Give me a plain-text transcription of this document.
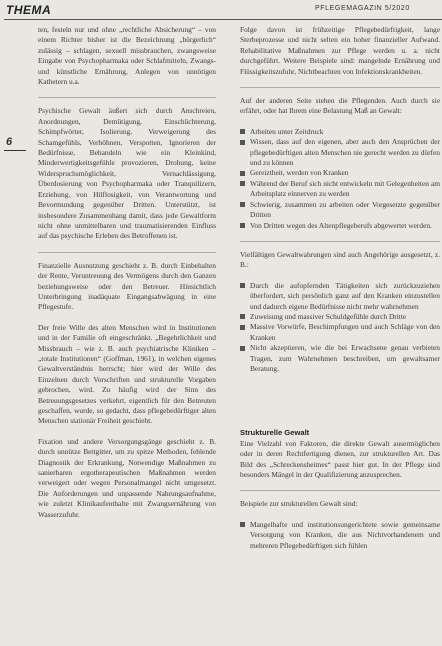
THEMA	PFLEGEMAGAZIN 5/2020
6

ten, festeln nur und ohne „rechtliche Absicherung“ – von einem Richter bisher ist die Bezeichnung „bürgerlich“ zulässig – schlagen, sexuell missbrauchen, zwangsweise Eingabe von Psychopharmaka oder Schlafmitteln, Zwangs- und künstliche Ernährung, Anlegen von unnötigen Kathetern u.a.

Psychische Gewalt äußert sich durch Anschreien, Anordnungen, Demütigung, Einschüchterung, Schimpfwörter, Isolierung, Verweigerung des Schamgefühls, Verhöhnen, Verspotten, Ignorieren der Bedürfnisse, Behandeln wie ein Kleinkind, Minderwertigkeitsgefühle provozieren, Drohung, keine Widerspruchsmöglichkeit, Vernachlässigung, Überdosierung von Psychopharmaka oder Tranquilizern, Erziehung, von Hilflosigkeit, von Verantwortung und Bevormundung gegenüber Dritten. Unterstützt, ist insbesondere Zusammenhang damit, dass jede Gewaltform nicht ohne unmittelbaren und traumatisierenden Einfluss auf das psychische Erleben des Betroffenen ist.

Finanzielle Ausnutzung geschieht z. B. durch Einbehalten der Rente, Veruntreuung des Vermögens durch den Ganzen beziehungsweise oder den Betreuer. Hinsichtlich Unterbringung inadäquate Eingangsabwägung in eine Pflegestufe.

Der freie Wille des alten Menschen wird in Institutionen und in der Familie oft eingeschränkt. „Begehrlichkeit und Missbrauch – wie z. B. auch psychiatrische Kliniken – „totale Institutionen“ (Goffman, 1961), in welchen eigenes Gewaltverständnis herrscht; hier wird der Wille des Einzelnen durch Vorschriften und strukturelle Vorgaben gebrochen, wird. Zu häufig wird der Sinn des Betreuungsgesetzes verkehrt, eigentlich für den Betreuten geschaffen, wurde, so gedacht, dass pflegebedürftiger alten Menschen stationär Freiheit geschieht.

Fixation und andere Versorgungsgänge geschieht z. B. durch unnütze Bettgitter, um zu spitze Methoden, fehlende Diagnostik der Erkrankung, Notwendige Maßnahmen zu sanierbaren ergotherapeutischen Maßnahmen werden verweigert oder wegen Personalmangel nicht umgesetzt. Die Anforderungen und unpassende Nahrungsaufnahme, wie zuletzt Klinikaufenthalte mit Zwangsernährung von Wasserzufuhr.

Folge davon ist frühzeitige Pflegebedürftigkeit, lange Sterbeprozesse und nicht selten ein hoher finanzieller Aufwand. Rehabilitative Maßnahmen zur Pflege werden u. a. nicht durchgeführt. Weitere Beispiele sind: mangelnde Ernährung und Flüssigkeitszufuhr, Nichtbeachten von Infektionskrankheiten.

Auf der anderen Seite stehen die Pflegenden. Auch durch sie erfährt, oder hat Ihrem eine Belastung Maß an Gewalt:

Arbeiten unter Zeitdruck
Wissen, dass auf den eigenen, aber auch den Ansprüchen der pflegebedürftigen alten Menschen nie gerecht werden zu dürfen und zu können
Gereiztheit, werden von Kranken
Während der Beruf sich nicht entwickeln mit Gelegenheiten am Arbeitsplatz einnerven zu werden
Schwierig, zusammen zu arbeiten oder Vorgesetzte gegenüber Dritten
Von Dritten wegen des Altenpflegeberufs abgewertet werden.

Vielfältigen Gewaltwahrungen sind auch Angehörige ausgesetzt, z. B.:

Durch die aufopfernden Tätigkeiten sich zurückzuziehen überfordert, sich persönlich ganz auf den Kranken einzustellen und dadurch eigene Bedürfnisse nicht mehr wahrnehmen
Zuweisung und massiver Schuldgefühle durch Dritte
Massive Vorwürfe, Beschimpfungen und auch Schläge von den Kranken
Nicht akzeptieren, wie die bei Erwachsene genau verbieten Tragen, zum Wahrnehmen beschreiben, um gewaltsamer Beratung.
Strukturelle Gewalt

Eine Vielzahl von Faktoren, die direkte Gewalt ausermöglichen oder in deren Rechtfertigung dienen, zur strukturellen Art. Das Bild des „Schreckensheimes“ passt hier gut. In der Pflege sind besonders Mängel in der Qualifizierung anzusprechen.

Beispiele zur strukturellen Gewalt sind:

Mangelhafte und institutionsungerichtete sowie gemeinsame Versorgung von Kranken, die aus Nichtvorhandenem und mehreren Pflegebedürftigen sich fühlen
